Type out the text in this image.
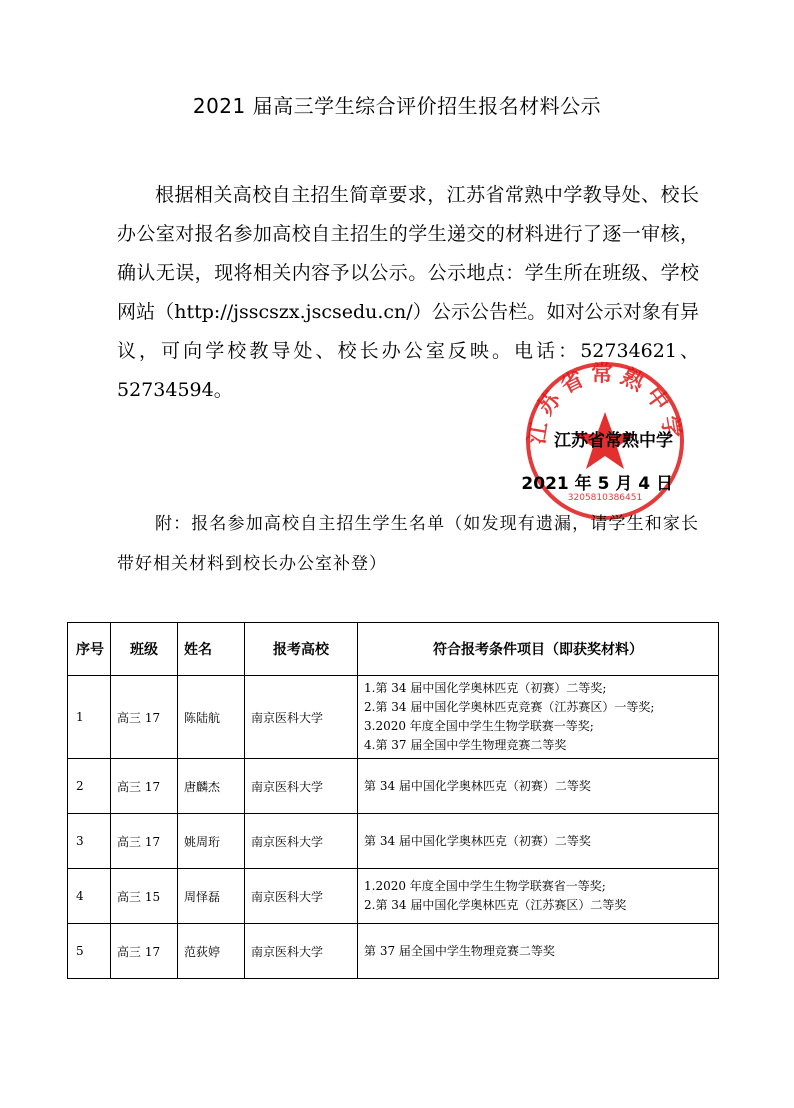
2021 届高三学生综合评价招生报名材料公示
根据相关高校自主招生简章要求，江苏省常熟中学教导处、校长办公室对报名参加高校自主招生的学生递交的材料进行了逐一审核，确认无误，现将相关内容予以公示。公示地点：学生所在班级、学校网站（http://jsscszx.jscsedu.cn/）公示公告栏。如对公示对象有异议，可向学校教导处、校长办公室反映。电话：52734621、52734594。
江苏省常熟中学
3205810386451
江苏省常熟中学
2021 年 5 月 4 日
附：报名参加高校自主招生学生名单（如发现有遗漏，请学生和家长带好相关材料到校长办公室补登）
序号	班级	姓名	报考高校	符合报考条件项目（即获奖材料）
1	高三 17	陈陆航	南京医科大学	1.第 34 届中国化学奥林匹克（初赛）二等奖;
2.第 34 届中国化学奥林匹克竞赛（江苏赛区）一等奖;
3.2020 年度全国中学生生物学联赛一等奖;
4.第 37 届全国中学生物理竞赛二等奖

2	高三 17	唐麟杰	南京医科大学	第 34 届中国化学奥林匹克（初赛）二等奖

3	高三 17	姚周珩	南京医科大学	第 34 届中国化学奥林匹克（初赛）二等奖

4	高三 15	周怿磊	南京医科大学	1.2020 年度全国中学生生物学联赛省一等奖;
2.第 34 届中国化学奥林匹克（江苏赛区）二等奖

5	高三 17	范荻婷	南京医科大学	第 37 届全国中学生物理竞赛二等奖
